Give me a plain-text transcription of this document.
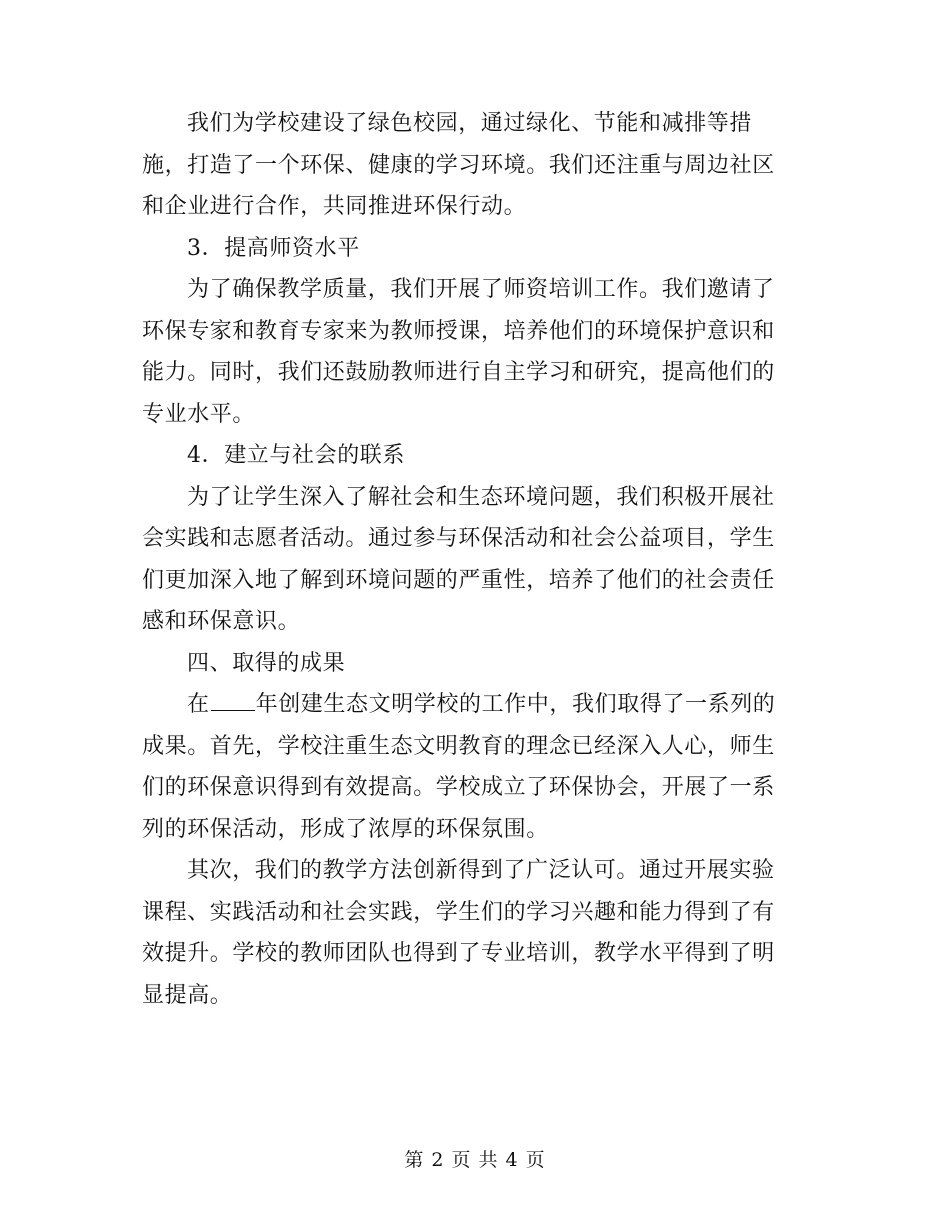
我们为学校建设了绿色校园，通过绿化、节能和减排等措

施，打造了一个环保、健康的学习环境。我们还注重与周边社区

和企业进行合作，共同推进环保行动。

3．提高师资水平

为了确保教学质量，我们开展了师资培训工作。我们邀请了

环保专家和教育专家来为教师授课，培养他们的环境保护意识和

能力。同时，我们还鼓励教师进行自主学习和研究，提高他们的

专业水平。

4．建立与社会的联系

为了让学生深入了解社会和生态环境问题，我们积极开展社

会实践和志愿者活动。通过参与环保活动和社会公益项目，学生

们更加深入地了解到环境问题的严重性，培养了他们的社会责任

感和环保意识。

四、取得的成果

在 年创建生态文明学校的工作中，我们取得了一系列的

成果。首先，学校注重生态文明教育的理念已经深入人心，师生

们的环保意识得到有效提高。学校成立了环保协会，开展了一系

列的环保活动，形成了浓厚的环保氛围。

其次，我们的教学方法创新得到了广泛认可。通过开展实验

课程、实践活动和社会实践，学生们的学习兴趣和能力得到了有

效提升。学校的教师团队也得到了专业培训，教学水平得到了明

显提高。

第 2 页 共 4 页
